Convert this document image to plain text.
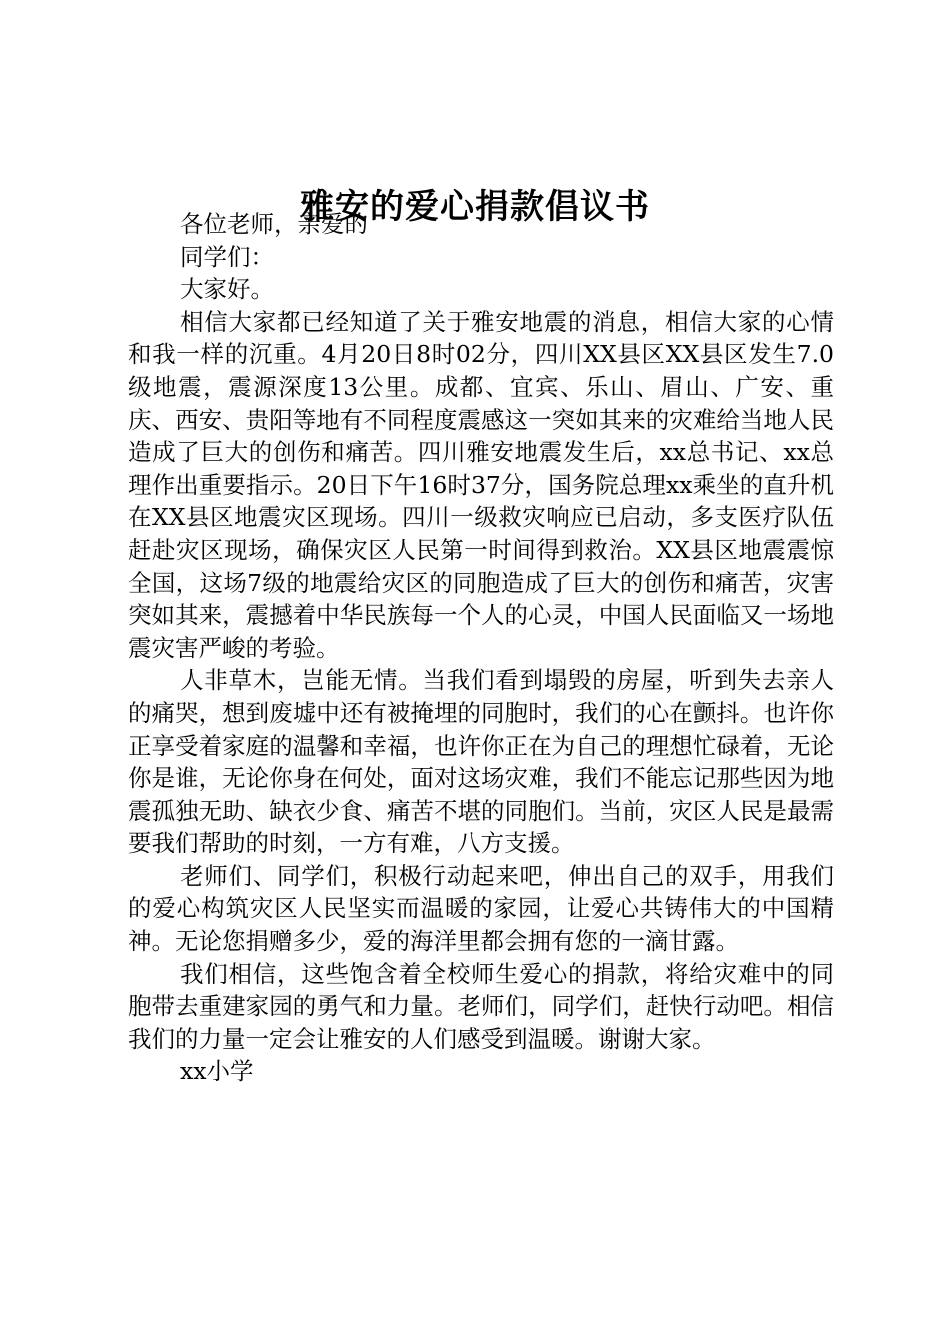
雅安的爱心捐款倡议书

各位老师，亲爱的

同学们：

大家好。

相信大家都已经知道了关于雅安地震的消息，相信大家的心情和我一样的沉重。4月20日8时02分，四川XX县区XX县区发生7.0级地震，震源深度13公里。成都、宜宾、乐山、眉山、广安、重庆、西安、贵阳等地有不同程度震感这一突如其来的灾难给当地人民造成了巨大的创伤和痛苦。四川雅安地震发生后，xx总书记、xx总理作出重要指示。20日下午16时37分，国务院总理xx乘坐的直升机在XX县区地震灾区现场。四川一级救灾响应已启动，多支医疗队伍赶赴灾区现场，确保灾区人民第一时间得到救治。XX县区地震震惊全国，这场7级的地震给灾区的同胞造成了巨大的创伤和痛苦，灾害突如其来，震撼着中华民族每一个人的心灵，中国人民面临又一场地震灾害严峻的考验。

人非草木，岂能无情。当我们看到塌毁的房屋，听到失去亲人的痛哭，想到废墟中还有被掩埋的同胞时，我们的心在颤抖。也许你正享受着家庭的温馨和幸福，也许你正在为自己的理想忙碌着，无论你是谁，无论你身在何处，面对这场灾难，我们不能忘记那些因为地震孤独无助、缺衣少食、痛苦不堪的同胞们。当前，灾区人民是最需要我们帮助的时刻，一方有难，八方支援。

老师们、同学们，积极行动起来吧，伸出自己的双手，用我们的爱心构筑灾区人民坚实而温暖的家园，让爱心共铸伟大的中国精神。无论您捐赠多少，爱的海洋里都会拥有您的一滴甘露。

我们相信，这些饱含着全校师生爱心的捐款，将给灾难中的同胞带去重建家园的勇气和力量。老师们，同学们，赶快行动吧。相信我们的力量一定会让雅安的人们感受到温暖。谢谢大家。

xx小学
